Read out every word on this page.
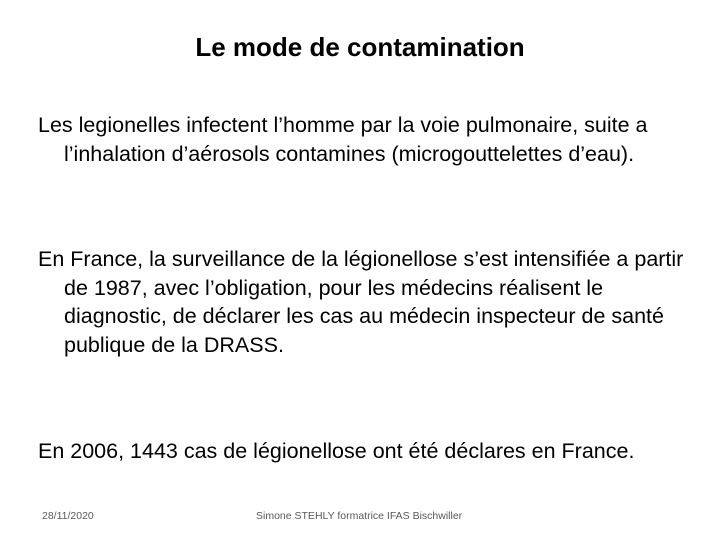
Le mode de contamination

Les legionelles infectent l’homme par la voie pulmonaire, suite a l’inhalation d’aérosols contamines (microgouttelettes d’eau).

En France, la surveillance de la légionellose s’est intensifiée a partir de 1987, avec l’obligation, pour les médecins réalisent le diagnostic, de déclarer les cas au médecin inspecteur de santé publique de la DRASS.

En 2006, 1443 cas de légionellose ont été déclares en France.

28/11/2020	Simone STEHLY formatrice IFAS Bischwiller
